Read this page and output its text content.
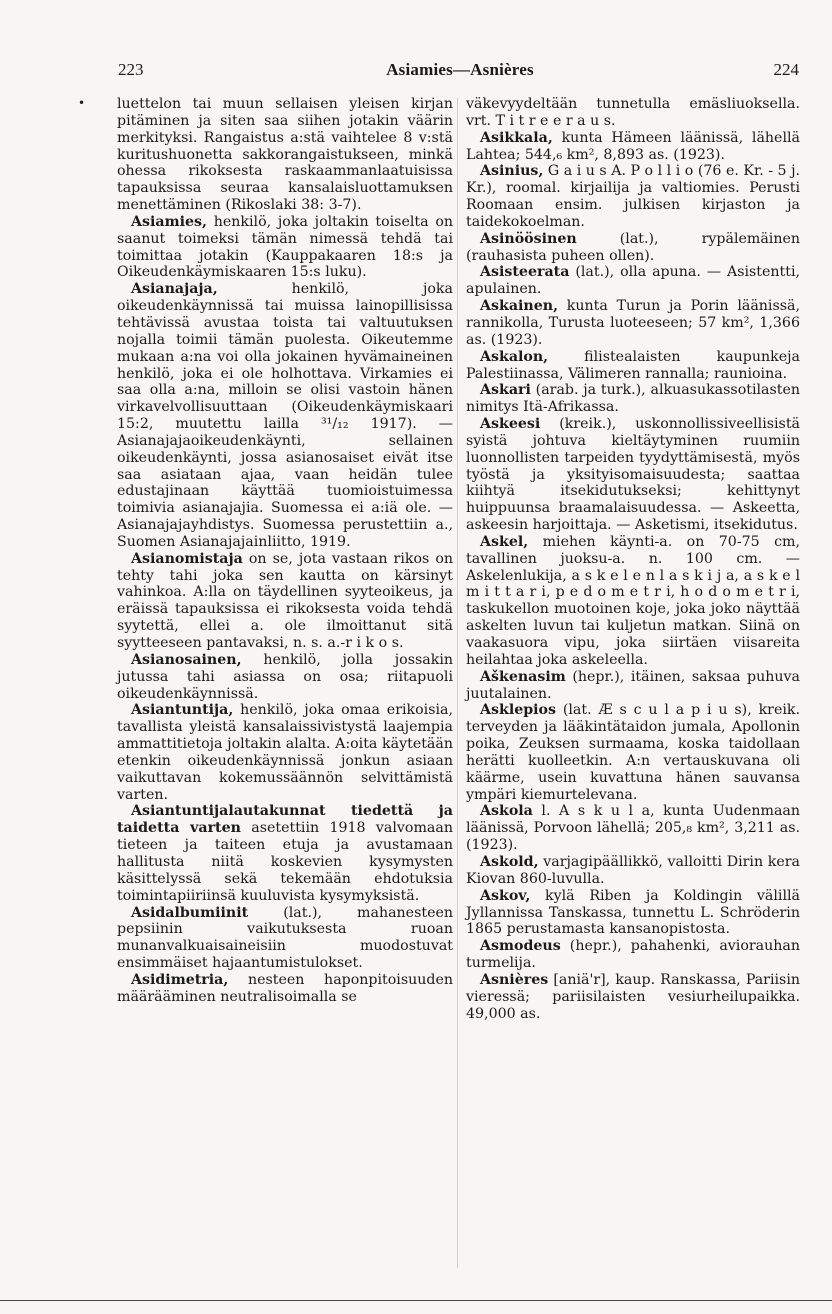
223	Asiamies—Asnières	224
• luettelon tai muun sellaisen yleisen kirjan pitäminen ja siten saa siihen jotakin väärin merkityksi. Rangaistus a:stä vaihtelee 8 v:stä kuritushuonetta sakkorangaistukseen, minkä ohessa rikoksesta raskaammanlaatuisissa tapauksissa seuraa kansalaisluottamuksen menettäminen (Rikoslaki 38: 3-7).

Asiamies, henkilö, joka joltakin toiselta on saanut toimeksi tämän nimessä tehdä tai toimittaa jotakin (Kauppakaaren 18:s ja Oikeudenkäymiskaaren 15:s luku).

Asianajaja, henkilö, joka oikeudenkäynnissä tai muissa lainopillisissa tehtävissä avustaa toista tai valtuutuksen nojalla toimii tämän puolesta. Oikeutemme mukaan a:na voi olla jokainen hyvämaineinen henkilö, joka ei ole holhottava. Virkamies ei saa olla a:na, milloin se olisi vastoin hänen virkavelvollisuuttaan (Oikeudenkäymiskaari 15:2, muutettu lailla ³¹/₁₂ 1917). — Asianajajaoikeudenkäynti, sellainen oikeudenkäynti, jossa asianosaiset eivät itse saa asiataan ajaa, vaan heidän tulee edustajinaan käyttää tuomioistuimessa toimivia asianajajia. Suomessa ei a:iä ole. — Asianajajayhdistys. Suomessa perustettiin a., Suomen Asianajajainliitto, 1919.

Asianomistaja on se, jota vastaan rikos on tehty tahi joka sen kautta on kärsinyt vahinkoa. A:lla on täydellinen syyteoikeus, ja eräissä tapauksissa ei rikoksesta voida tehdä syytettä, ellei a. ole ilmoittanut sitä syytteeseen pantavaksi, n. s. a.-r i k o s.

Asianosainen, henkilö, jolla jossakin jutussa tahi asiassa on osa; riitapuoli oikeudenkäynnissä.

Asiantuntija, henkilö, joka omaa erikoisia, tavallista yleistä kansalaissivistystä laajempia ammattitietoja joltakin alalta. A:oita käytetään etenkin oikeudenkäynnissä jonkun asiaan vaikuttavan kokemussäännön selvittämistä varten.

Asiantuntijalautakunnat tiedettä ja taidetta varten asetettiin 1918 valvomaan tieteen ja taiteen etuja ja avustamaan hallitusta niitä koskevien kysymysten käsittelyssä sekä tekemään ehdotuksia toimintapiiriinsä kuuluvista kysymyksistä.

Asidalbumiinit (lat.), mahanesteen pepsiinin vaikutuksesta ruoan munanvalkuaisaineisiin muodostuvat ensimmäiset hajaantumistulokset.

Asidimetria, nesteen haponpitoisuuden määrääminen neutralisoimalla se

väkevyydeltään tunnetulla emäsliuoksella. vrt. T i t r e e r a u s.

Asikkala, kunta Hämeen läänissä, lähellä Lahtea; 544,₆ km², 8,893 as. (1923).

Asinius, G a i u s A. P o l l i o (76 e. Kr. - 5 j. Kr.), roomal. kirjailija ja valtiomies. Perusti Roomaan ensim. julkisen kirjaston ja taidekokoelman.

Asinöösinen (lat.), rypälemäinen (rauhasista puheen ollen).

Asisteerata (lat.), olla apuna. — Asistentti, apulainen.

Askainen, kunta Turun ja Porin läänissä, rannikolla, Turusta luoteeseen; 57 km², 1,366 as. (1923).

Askalon, filistealaisten kaupunkeja Palestiinassa, Välimeren rannalla; raunioina.

Askari (arab. ja turk.), alkuasukassotilasten nimitys Itä-Afrikassa.

Askeesi (kreik.), uskonnollissiveellisistä syistä johtuva kieltäytyminen ruumiin luonnollisten tarpeiden tyydyttämisestä, myös työstä ja yksityisomaisuudesta; saattaa kiihtyä itsekidutukseksi; kehittynyt huippuunsa braamalaisuudessa. — Askeetta, askeesin harjoittaja. — Asketismi, itsekidutus.

Askel, miehen käynti-a. on 70-75 cm, tavallinen juoksu-a. n. 100 cm. — Askelenlukija, a s k e l e n l a s k i j a, a s k e l m i t t a r i, p e d o m e t r i, h o d o m e t r i, taskukellon muotoinen koje, joka joko näyttää askelten luvun tai kuljetun matkan. Siinä on vaakasuora vipu, joka siirtäen viisareita heilahtaa joka askeleella.

Aškenasim (hepr.), itäinen, saksaa puhuva juutalainen.

Asklepios (lat. Æ s c u l a p i u s), kreik. terveyden ja lääkintätaidon jumala, Apollonin poika, Zeuksen surmaama, koska taidollaan herätti kuolleetkin. A:n vertauskuvana oli käärme, usein kuvattuna hänen sauvansa ympäri kiemurtelevana.

Askola l. A s k u l a, kunta Uudenmaan läänissä, Porvoon lähellä; 205,₈ km², 3,211 as. (1923).

Askold, varjagipäällikkö, valloitti Dirin kera Kiovan 860-luvulla.

Askov, kylä Riben ja Koldingin välillä Jyllannissa Tanskassa, tunnettu L. Schröderin 1865 perustamasta kansanopistosta.

Asmodeus (hepr.), pahahenki, aviorauhan turmelija.

Asnières [aniä'r], kaup. Ranskassa, Pariisin vieressä; pariisilaisten vesiurheilupaikka. 49,000 as.
